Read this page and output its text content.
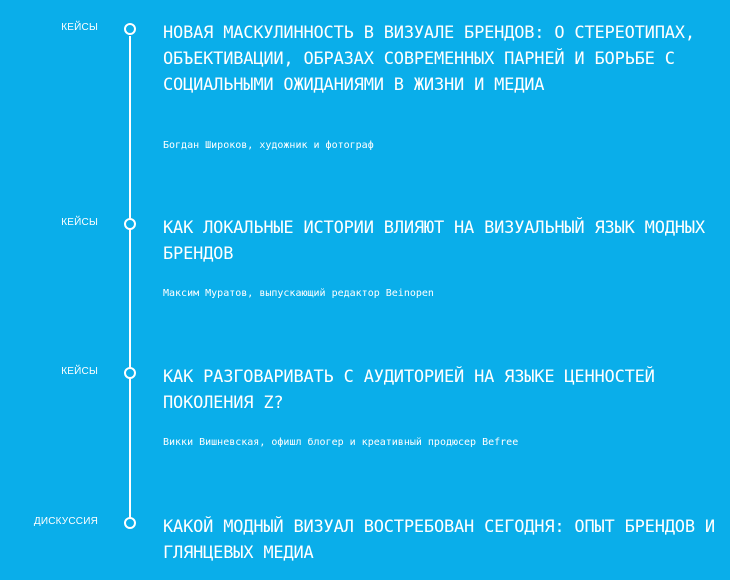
КЕЙСЫ	НОВАЯ МАСКУЛИННОСТЬ В ВИЗУАЛЕ БРЕНДОВ: О СТЕРЕОТИПАХ, ОБЪЕКТИВАЦИИ, ОБРАЗАХ СОВРЕМЕННЫХ ПАРНЕЙ И БОРЬБЕ С СОЦИАЛЬНЫМИ ОЖИДАНИЯМИ В ЖИЗНИ И МЕДИА
Богдан Широков, художник и фотограф
КЕЙСЫ	КАК ЛОКАЛЬНЫЕ ИСТОРИИ ВЛИЯЮТ НА ВИЗУАЛЬНЫЙ ЯЗЫК МОДНЫХ БРЕНДОВ
Максим Муратов, выпускающий редактор Beinopen
КЕЙСЫ	КАК РАЗГОВАРИВАТЬ С АУДИТОРИЕЙ НА ЯЗЫКЕ ЦЕННОСТЕЙ ПОКОЛЕНИЯ Z?
Викки Вишневская, офишл блогер и креативный продюсер Befree
ДИСКУССИЯ	КАКОЙ МОДНЫЙ ВИЗУАЛ ВОСТРЕБОВАН СЕГОДНЯ: ОПЫТ БРЕНДОВ И ГЛЯНЦЕВЫХ МЕДИА
